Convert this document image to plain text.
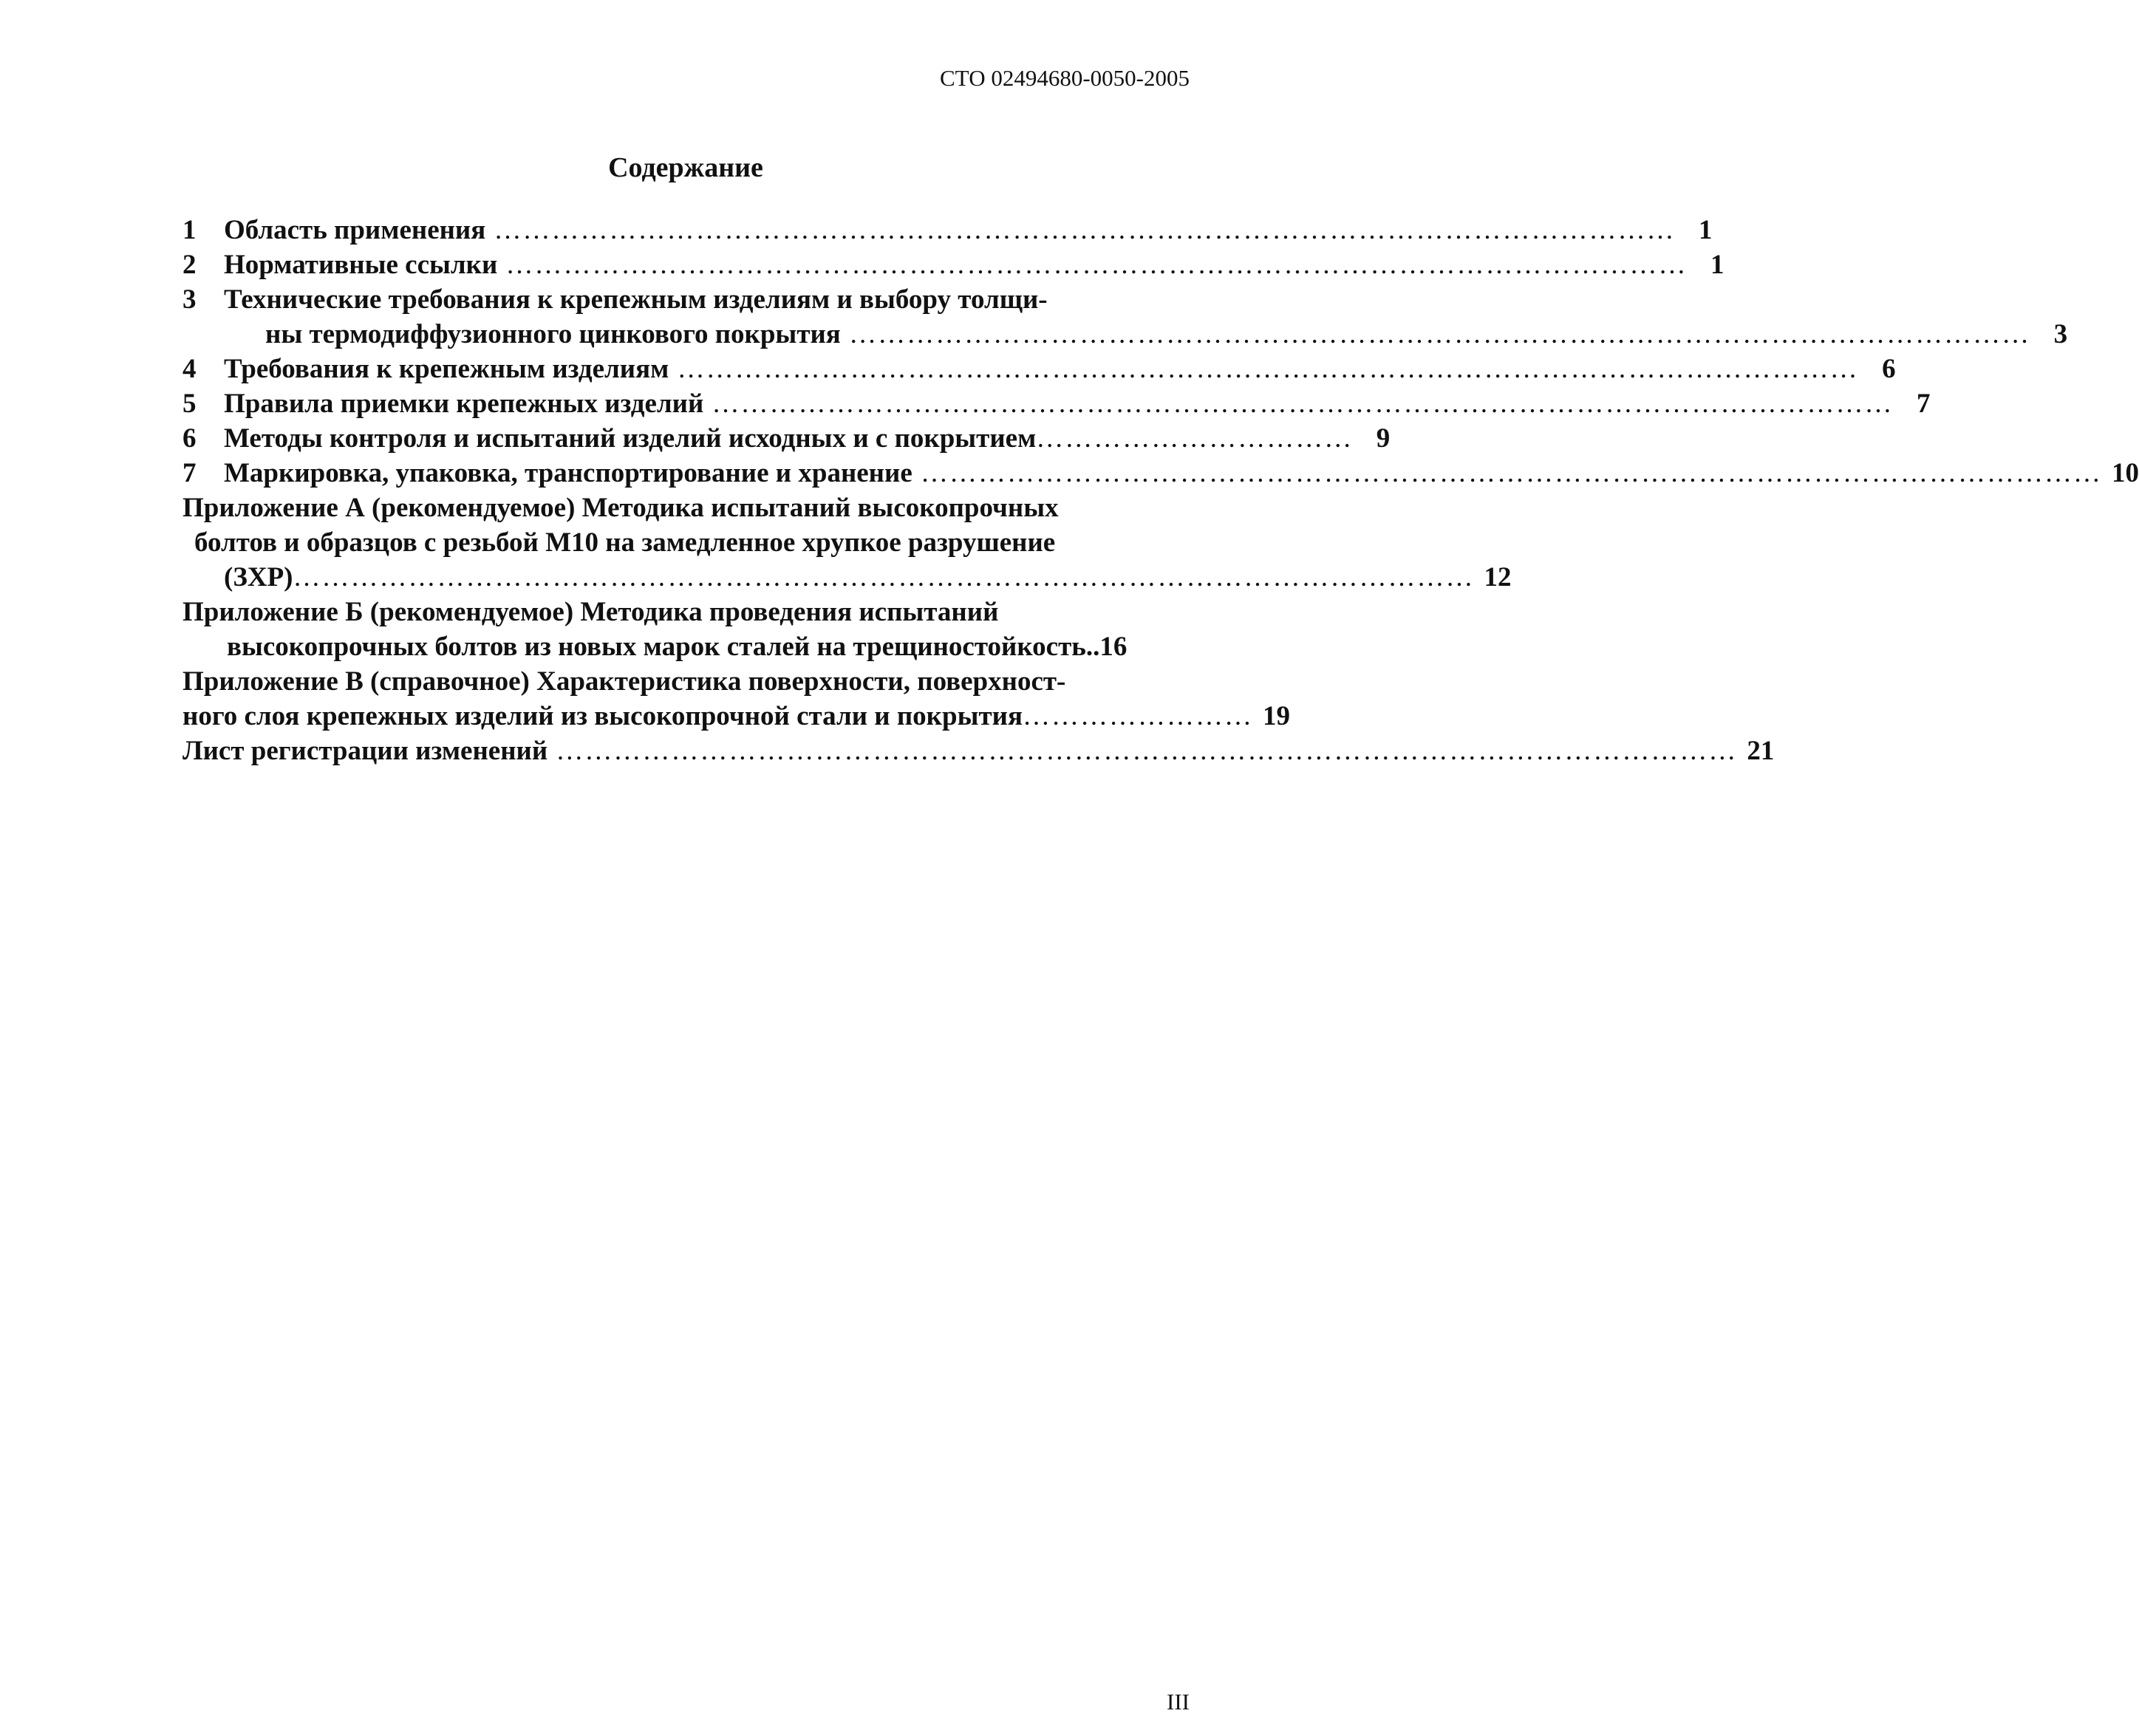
СТО 02494680-0050-2005
Содержание
1	Область применения …………………………………………………………………………………………………………… 1
2	Нормативные ссылки …………………………………………………………………………………………………………… 1
3	Технические требования к крепежным изделиям и выбору толщи-
ны термодиффузионного цинкового покрытия …………………………………………………………………………………………………………… 3
4	Требования к крепежным изделиям …………………………………………………………………………………………………………… 6
5	Правила приемки крепежных изделий …………………………………………………………………………………………………………… 7
6	Методы контроля и испытаний изделий исходных и с покрытием …………………………… 9
7	Маркировка, упаковка, транспортирование и хранение …………………………………………………………………………………………………………… 10
Приложение А (рекомендуемое) Методика испытаний высокопрочных
болтов и образцов с резьбой М10 на замедленное хрупкое разрушение
(ЗХР) …………………………………………………………………………………………………………… 12
Приложение Б (рекомендуемое) Методика проведения испытаний
высокопрочных болтов из новых марок сталей на трещиностойкость.. 16
Приложение В (справочное) Характеристика поверхности, поверхност-
ного слоя крепежных изделий из высокопрочной стали и покрытия …………………… 19
Лист регистрации изменений …………………………………………………………………………………………………………… 21
III
